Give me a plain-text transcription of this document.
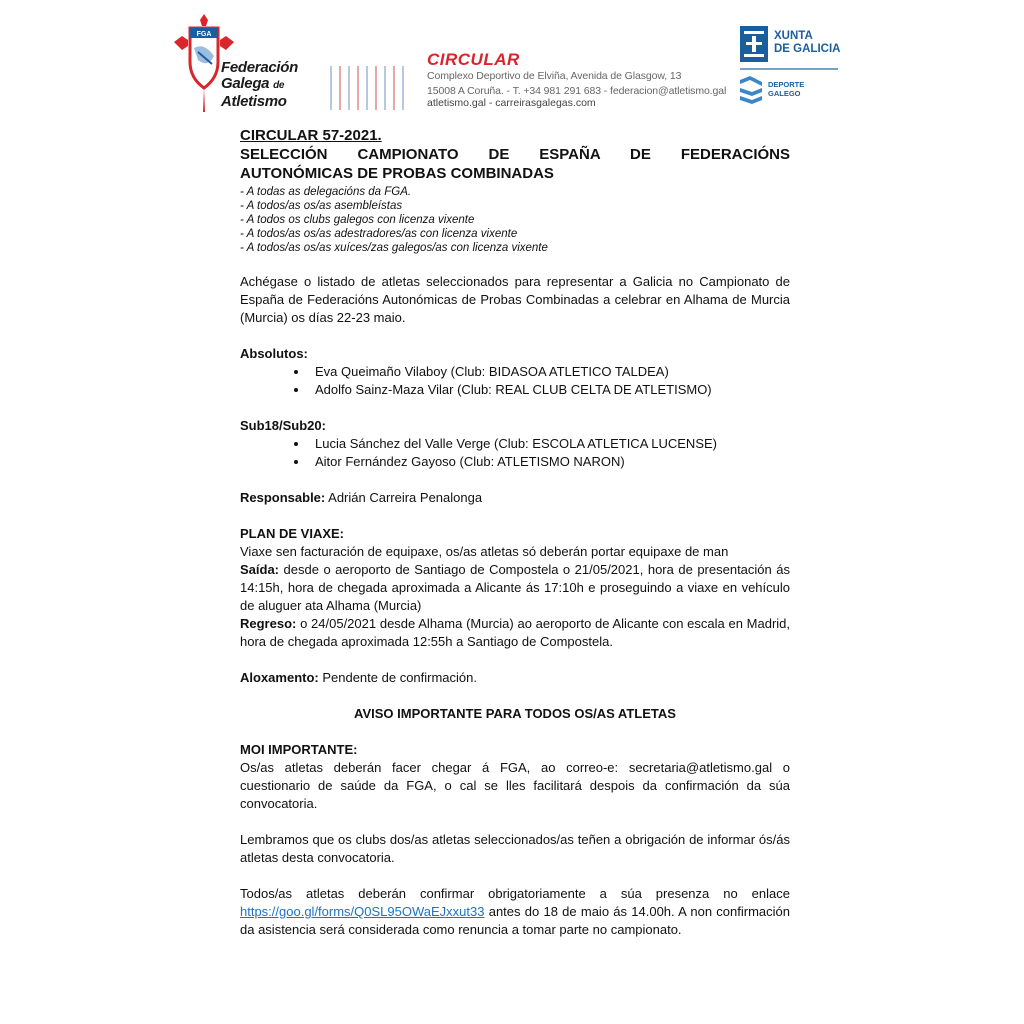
FGA
Federación
Galega de
Atletismo
CIRCULAR
Complexo Deportivo de Elviña, Avenida de Glasgow, 13
15008 A Coruña. - T. +34 981 291 683 - federacion@atletismo.gal
atletismo.gal - carreirasgalegas.com
XUNTA
DE GALICIA
DEPORTE
GALEGO

CIRCULAR 57-2021.

SELECCIÓN CAMPIONATO DE ESPAÑA DE FEDERACIÓNS

AUTONÓMICAS DE PROBAS COMBINADAS

- A todas as delegacións da FGA.
- A todos/as os/as asembleístas
- A todos os clubs galegos con licenza vixente
- A todos/as os/as adestradores/as con licenza vixente
- A todos/as os/as xuíces/zas galegos/as con licenza vixente

Achégase o listado de atletas seleccionados para representar a Galicia no Campionato de España de Federacións Autonómicas de Probas Combinadas a celebrar en Alhama de Murcia (Murcia) os días 22-23 maio.

Absolutos:

• Eva Queimaño Vilaboy (Club: BIDASOA ATLETICO TALDEA)
• Adolfo Sainz-Maza Vilar (Club: REAL CLUB CELTA DE ATLETISMO)

Sub18/Sub20:

• Lucia Sánchez del Valle Verge (Club: ESCOLA ATLETICA LUCENSE)
• Aitor Fernández Gayoso (Club: ATLETISMO NARON)

Responsable: Adrián Carreira Penalonga

PLAN DE VIAXE:

Viaxe sen facturación de equipaxe, os/as atletas só deberán portar equipaxe de man

Saída: desde o aeroporto de Santiago de Compostela o 21/05/2021, hora de presentación ás 14:15h, hora de chegada aproximada a Alicante ás 17:10h e proseguindo a viaxe en vehículo de aluguer ata Alhama (Murcia)

Regreso: o 24/05/2021 desde Alhama (Murcia) ao aeroporto de Alicante con escala en Madrid, hora de chegada aproximada 12:55h a Santiago de Compostela.

Aloxamento: Pendente de confirmación.

AVISO IMPORTANTE PARA TODOS OS/AS ATLETAS

MOI IMPORTANTE:

Os/as atletas deberán facer chegar á FGA, ao correo-e: secretaria@atletismo.gal o cuestionario de saúde da FGA, o cal se lles facilitará despois da confirmación da súa convocatoria.

Lembramos que os clubs dos/as atletas seleccionados/as teñen a obrigación de informar ós/ás atletas desta convocatoria.

Todos/as atletas deberán confirmar obrigatoriamente a súa presenza no enlace https://goo.gl/forms/Q0SL95OWaEJxxut33 antes do 18 de maio ás 14.00h. A non confirmación da asistencia será considerada como renuncia a tomar parte no campionato.
